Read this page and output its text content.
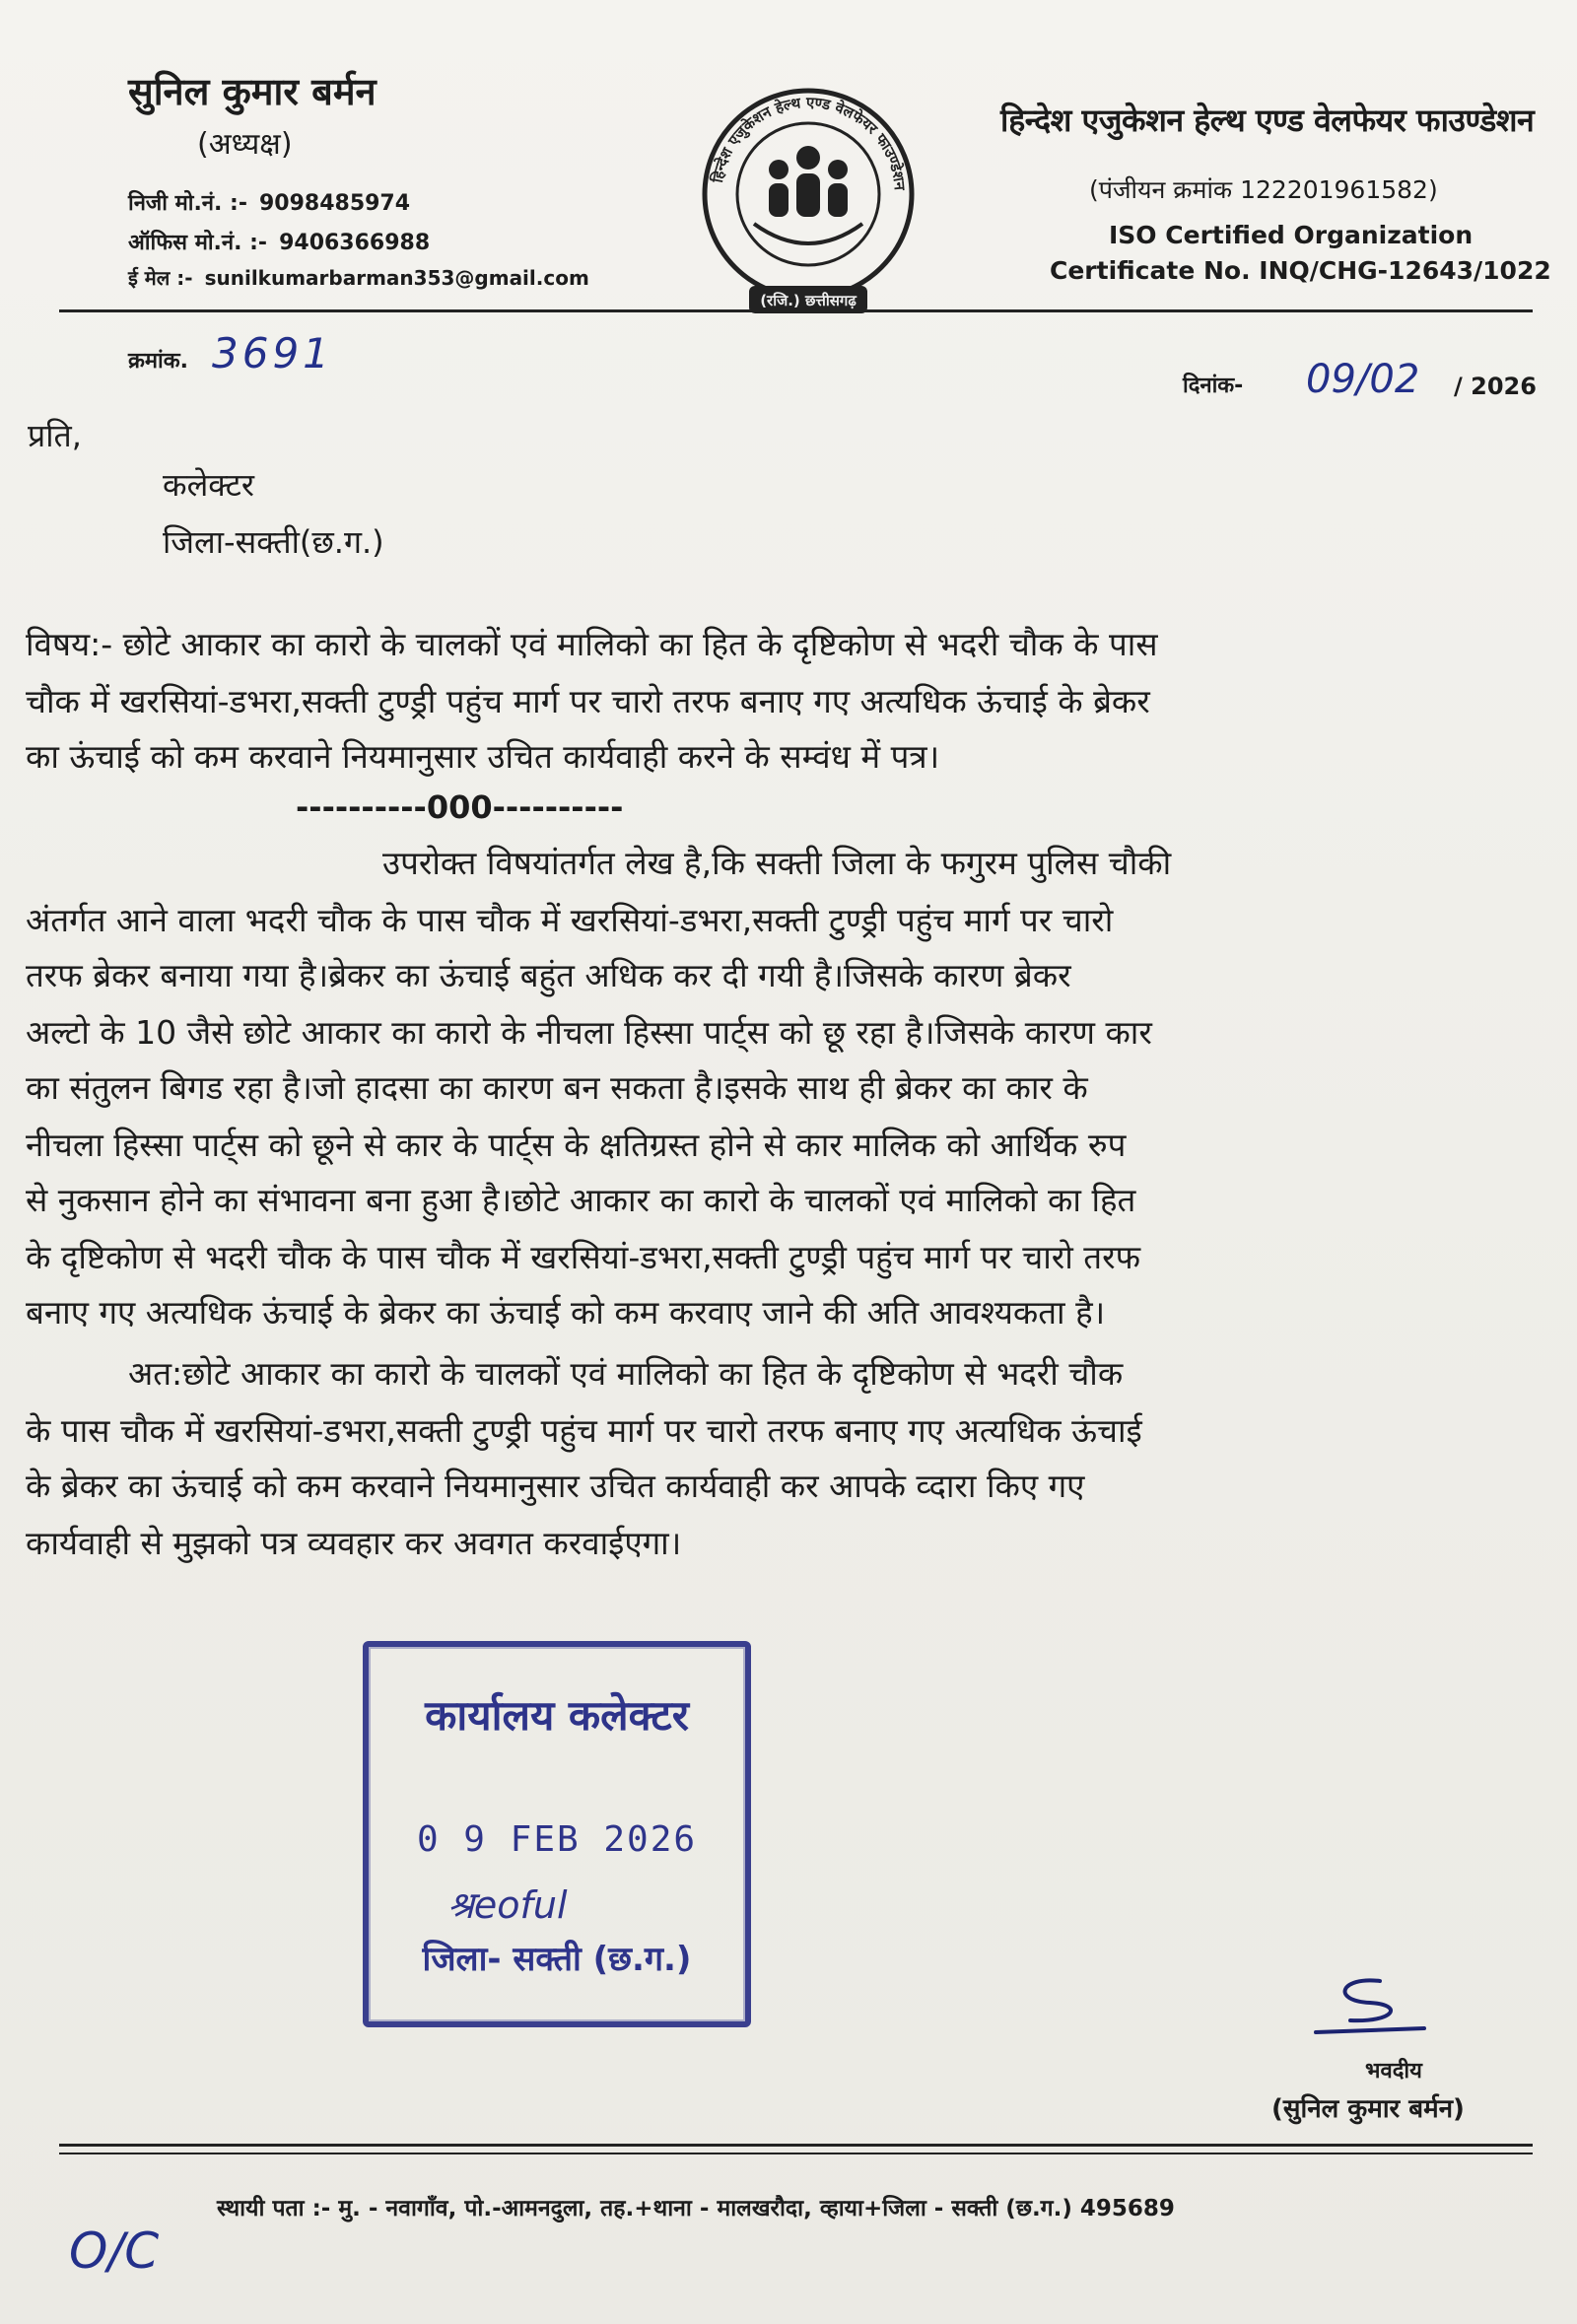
सुनिल कुमार बर्मन
(अध्यक्ष)
निजी मो.नं. :- 9098485974
ऑफिस मो.नं. :- 9406366988
ई मेल :- sunilkumarbarman353@gmail.com
हिन्देश एजुकेशन हेल्थ एण्ड वेलफेयर फाउण्डेशन
(रजि.) छत्तीसगढ़
हिन्देश एजुकेशन हेल्थ एण्ड वेलफेयर फाउण्डेशन
(पंजीयन क्रमांक 122201961582)
ISO Certified Organization
Certificate No. INQ/CHG-12643/1022
क्रमांक. 3691
दिनांक- 09/02 / 2026
प्रति,
कलेक्टर
जिला-सक्ती(छ.ग.)
विषय:- छोटे आकार का कारो के चालकों एवं मालिको का हित के दृष्टिकोण से भदरी चौक के पास
चौक में खरसियां-डभरा,सक्ती टुण्ड्री पहुंच मार्ग पर चारो तरफ बनाए गए अत्यधिक ऊंचाई के ब्रेकर
का ऊंचाई को कम करवाने नियमानुसार उचित कार्यवाही करने के सम्वंध में पत्र।
----------000----------
उपरोक्त विषयांतर्गत लेख है,कि सक्ती जिला के फगुरम पुलिस चौकी
अंतर्गत आने वाला भदरी चौक के पास चौक में खरसियां-डभरा,सक्ती टुण्ड्री पहुंच मार्ग पर चारो
तरफ ब्रेकर बनाया गया है।ब्रेकर का ऊंचाई बहुंत अधिक कर दी गयी है।जिसके कारण ब्रेकर
अल्टो के 10 जैसे छोटे आकार का कारो के नीचला हिस्सा पार्ट्स को छू रहा है।जिसके कारण कार
का संतुलन बिगड रहा है।जो हादसा का कारण बन सकता है।इसके साथ ही ब्रेकर का कार के
नीचला हिस्सा पार्ट्स को छूने से कार के पार्ट्स के क्षतिग्रस्त होने से कार मालिक को आर्थिक रुप
से नुकसान होने का संभावना बना हुआ है।छोटे आकार का कारो के चालकों एवं मालिको का हित
के दृष्टिकोण से भदरी चौक के पास चौक में खरसियां-डभरा,सक्ती टुण्ड्री पहुंच मार्ग पर चारो तरफ
बनाए गए अत्यधिक ऊंचाई के ब्रेकर का ऊंचाई को कम करवाए जाने की अति आवश्यकता है।
अत:छोटे आकार का कारो के चालकों एवं मालिको का हित के दृष्टिकोण से भदरी चौक
के पास चौक में खरसियां-डभरा,सक्ती टुण्ड्री पहुंच मार्ग पर चारो तरफ बनाए गए अत्यधिक ऊंचाई
के ब्रेकर का ऊंचाई को कम करवाने नियमानुसार उचित कार्यवाही कर आपके व्दारा किए गए
कार्यवाही से मुझको पत्र व्यवहार कर अवगत करवाईएगा।
कार्यालय कलेक्टर
0 9 FEB 2026
श्रeoful
जिला- सक्ती (छ.ग.)
भवदीय
(सुनिल कुमार बर्मन)
स्थायी पता :- मु. - नवागाँव, पो.-आमनदुला, तह.+थाना - मालखरौदा, व्हाया+जिला - सक्ती (छ.ग.) 495689
O/C
